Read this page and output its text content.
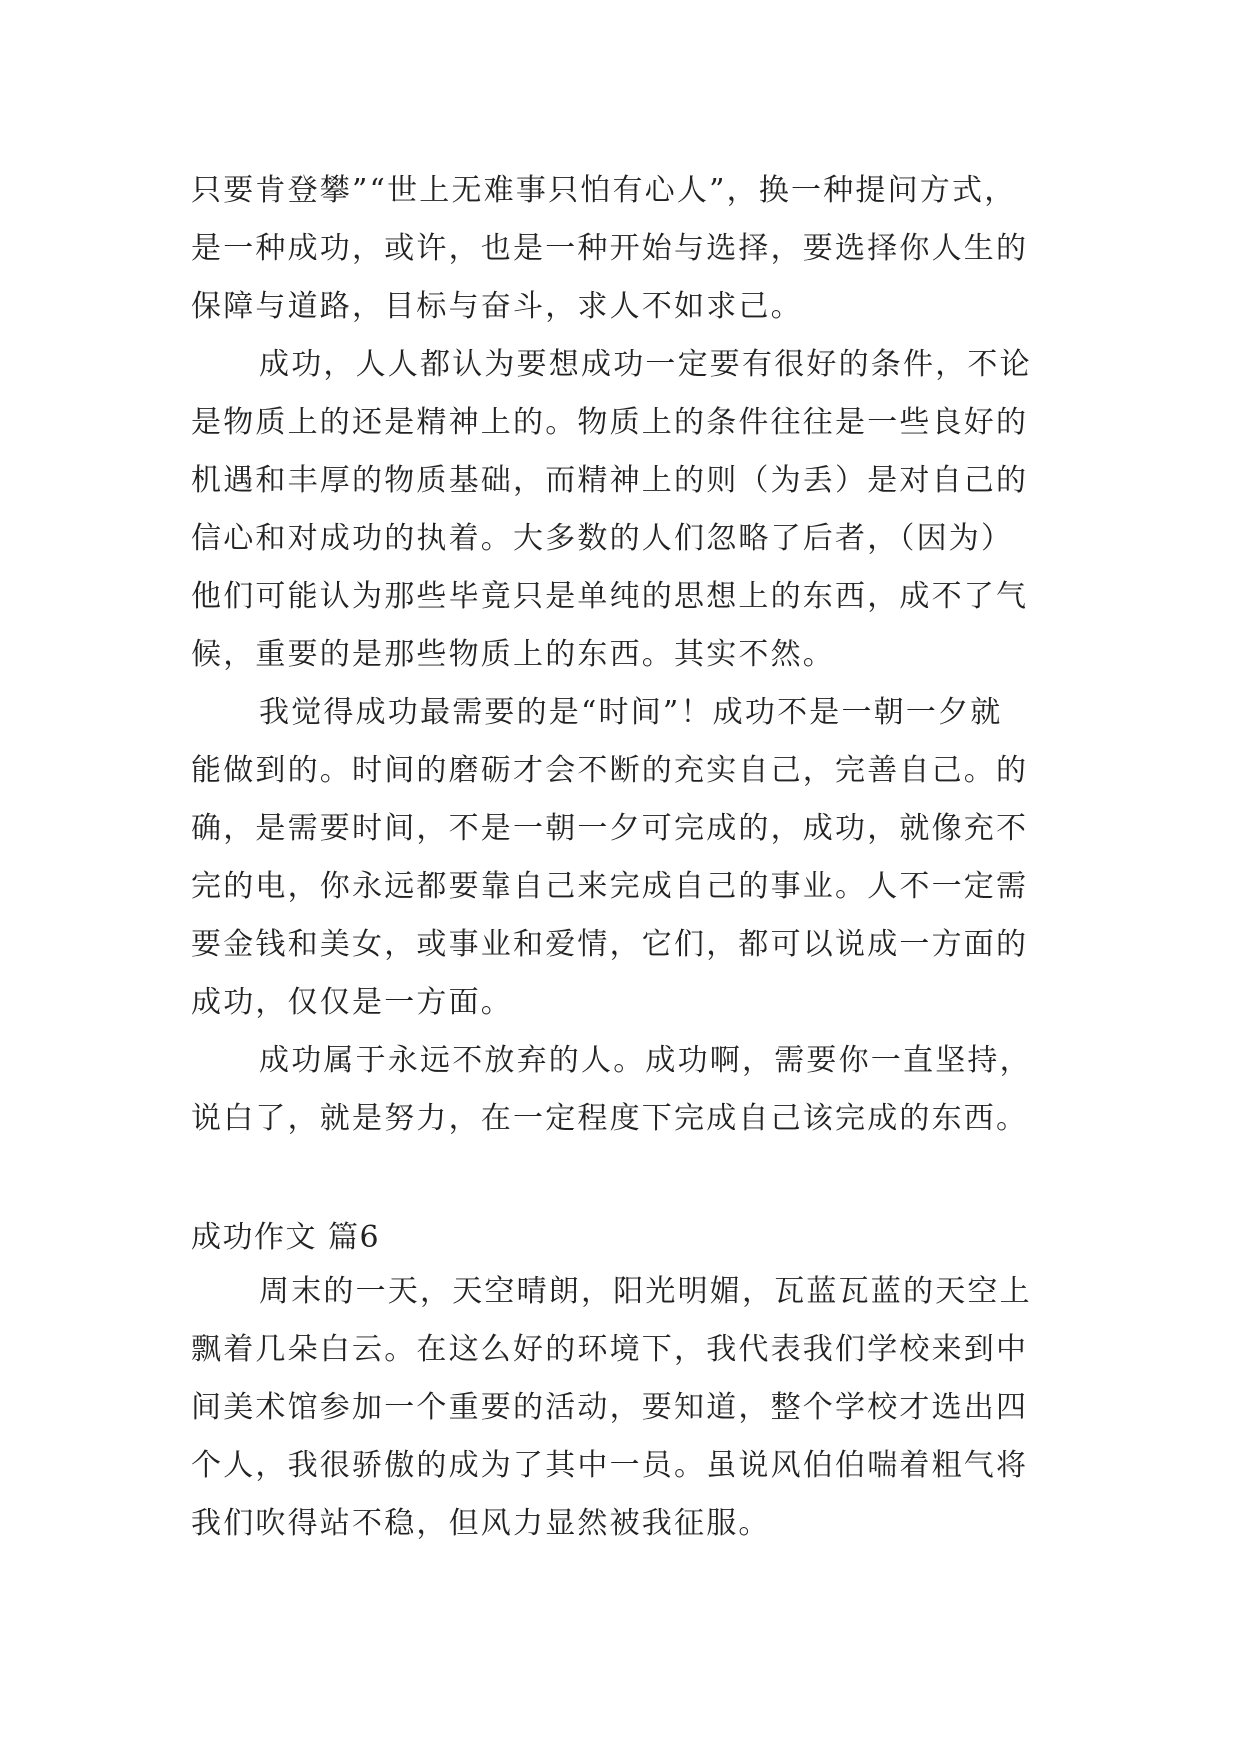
只要肯登攀”“世上无难事只怕有心人”，换一种提问方式，
是一种成功，或许，也是一种开始与选择，要选择你人生的
保障与道路，目标与奋斗，求人不如求己。
成功，人人都认为要想成功一定要有很好的条件，不论
是物质上的还是精神上的。物质上的条件往往是一些良好的
机遇和丰厚的物质基础，而精神上的则（为丢）是对自己的
信心和对成功的执着。大多数的人们忽略了后者，（因为）
他们可能认为那些毕竟只是单纯的思想上的东西，成不了气
候，重要的是那些物质上的东西。其实不然。
我觉得成功最需要的是“时间”！成功不是一朝一夕就
能做到的。时间的磨砺才会不断的充实自己，完善自己。的
确，是需要时间，不是一朝一夕可完成的，成功，就像充不
完的电，你永远都要靠自己来完成自己的事业。人不一定需
要金钱和美女，或事业和爱情，它们，都可以说成一方面的
成功，仅仅是一方面。
成功属于永远不放弃的人。成功啊，需要你一直坚持，
说白了，就是努力，在一定程度下完成自己该完成的东西。
成功作文 篇6
周末的一天，天空晴朗，阳光明媚，瓦蓝瓦蓝的天空上
飘着几朵白云。在这么好的环境下，我代表我们学校来到中
间美术馆参加一个重要的活动，要知道，整个学校才选出四
个人，我很骄傲的成为了其中一员。虽说风伯伯喘着粗气将
我们吹得站不稳，但风力显然被我征服。
